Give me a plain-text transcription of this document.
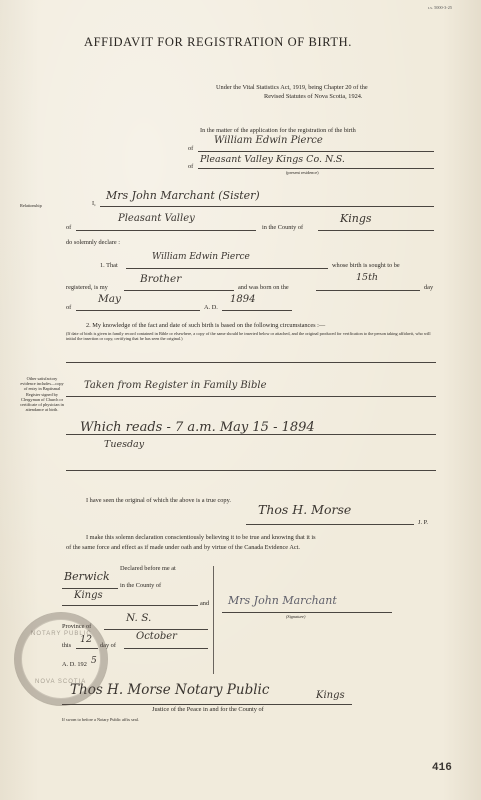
ɪ.s. 5000-3-25
AFFIDAVIT FOR REGISTRATION OF BIRTH.
Under the Vital Statistics Act, 1919, being Chapter 20 of the
Revised Statutes of Nova Scotia, 1924.
In the matter of the application for the registration of the birth
of
William Edwin Pierce
of
Pleasant Valley Kings Co. N.S.
(present residence)
Relationship	I,
Mrs John Marchant (Sister)
of
Pleasant Valley
in the County of
Kings
do solemnly declare :
1. That
William Edwin Pierce
whose birth is sought to be
registered, is my
Brother
and was born on the
15th
day
of
May
A. D.
1894
2. My knowledge of the fact and date of such birth is based on the following circumstances :—
(If date of birth is given in family record contained in Bible or elsewhere, a copy of the same should be inserted below or attached, and the original produced for verification to the person taking affidavit, who will initial the insertion or copy, certifying that he has seen the original.)
Other satisfactory evidence includes—copy of entry in Baptismal Register signed by Clergyman of Church or certificate of physician in attendance at birth.
Taken from Register in Family Bible
Which reads - 7 a.m. May 15 - 1894
Tuesday
I have seen the original of which the above is a true copy.
Thos H. Morse
J. P.
I make this solemn declaration conscientiously believing it to be true and knowing that it is
of the same force and effect as if made under oath and by virtue of the Canada Evidence Act.
Declared before me at
Berwick
in the County of
Kings
and
Province of
N. S.
this
12
day of
October
A. D. 192 5
Mrs John Marchant
(Signature)
Thos H. Morse Notary Public	Kings
Justice of the Peace in and for the County of
If sworn to before a Notary Public affix seal.
NOTARY PUBLIC
NOVA SCOTIA
416
